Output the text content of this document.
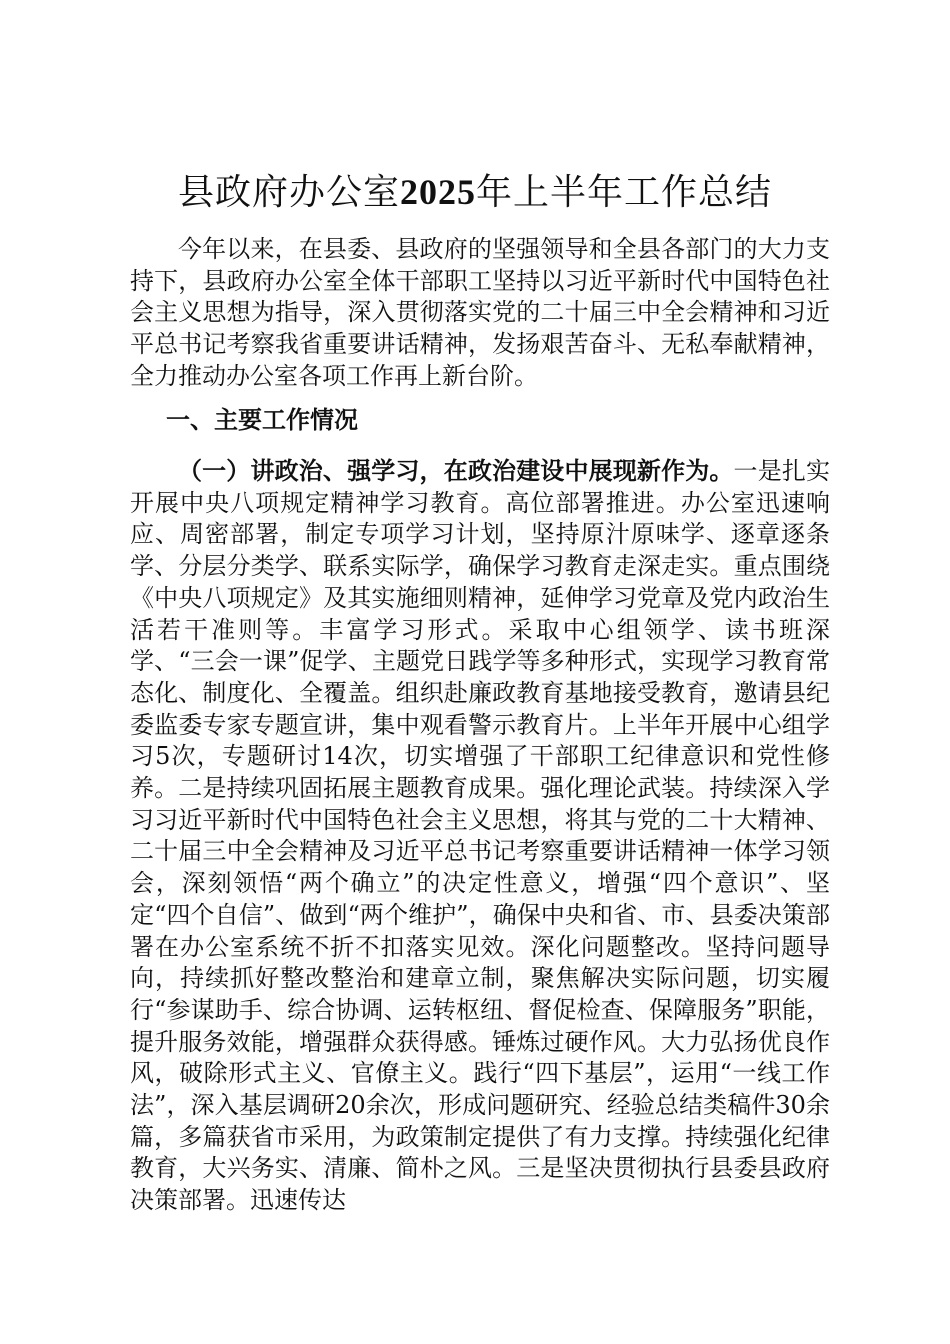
县政府办公室2025年上半年工作总结

今年以来，在县委、县政府的坚强领导和全县各部门的大力支持下，县政府办公室全体干部职工坚持以习近平新时代中国特色社会主义思想为指导，深入贯彻落实党的二十届三中全会精神和习近平总书记考察我省重要讲话精神，发扬艰苦奋斗、无私奉献精神，全力推动办公室各项工作再上新台阶。

一、主要工作情况

（一）讲政治、强学习，在政治建设中展现新作为。一是扎实开展中央八项规定精神学习教育。高位部署推进。办公室迅速响应、周密部署，制定专项学习计划，坚持原汁原味学、逐章逐条学、分层分类学、联系实际学，确保学习教育走深走实。重点围绕《中央八项规定》及其实施细则精神，延伸学习党章及党内政治生活若干准则等。丰富学习形式。采取中心组领学、读书班深学、“三会一课”促学、主题党日践学等多种形式，实现学习教育常态化、制度化、全覆盖。组织赴廉政教育基地接受教育，邀请县纪委监委专家专题宣讲，集中观看警示教育片。上半年开展中心组学习5次，专题研讨14次，切实增强了干部职工纪律意识和党性修养。二是持续巩固拓展主题教育成果。强化理论武装。持续深入学习习近平新时代中国特色社会主义思想，将其与党的二十大精神、二十届三中全会精神及习近平总书记考察重要讲话精神一体学习领会，深刻领悟“两个确立”的决定性意义，增强“四个意识”、坚定“四个自信”、做到“两个维护”，确保中央和省、市、县委决策部署在办公室系统不折不扣落实见效。深化问题整改。坚持问题导向，持续抓好整改整治和建章立制，聚焦解决实际问题，切实履行“参谋助手、综合协调、运转枢纽、督促检查、保障服务”职能，提升服务效能，增强群众获得感。锤炼过硬作风。大力弘扬优良作风，破除形式主义、官僚主义。践行“四下基层”，运用“一线工作法”，深入基层调研20余次，形成问题研究、经验总结类稿件30余篇，多篇获省市采用，为政策制定提供了有力支撑。持续强化纪律教育，大兴务实、清廉、简朴之风。三是坚决贯彻执行县委县政府决策部署。迅速传达
